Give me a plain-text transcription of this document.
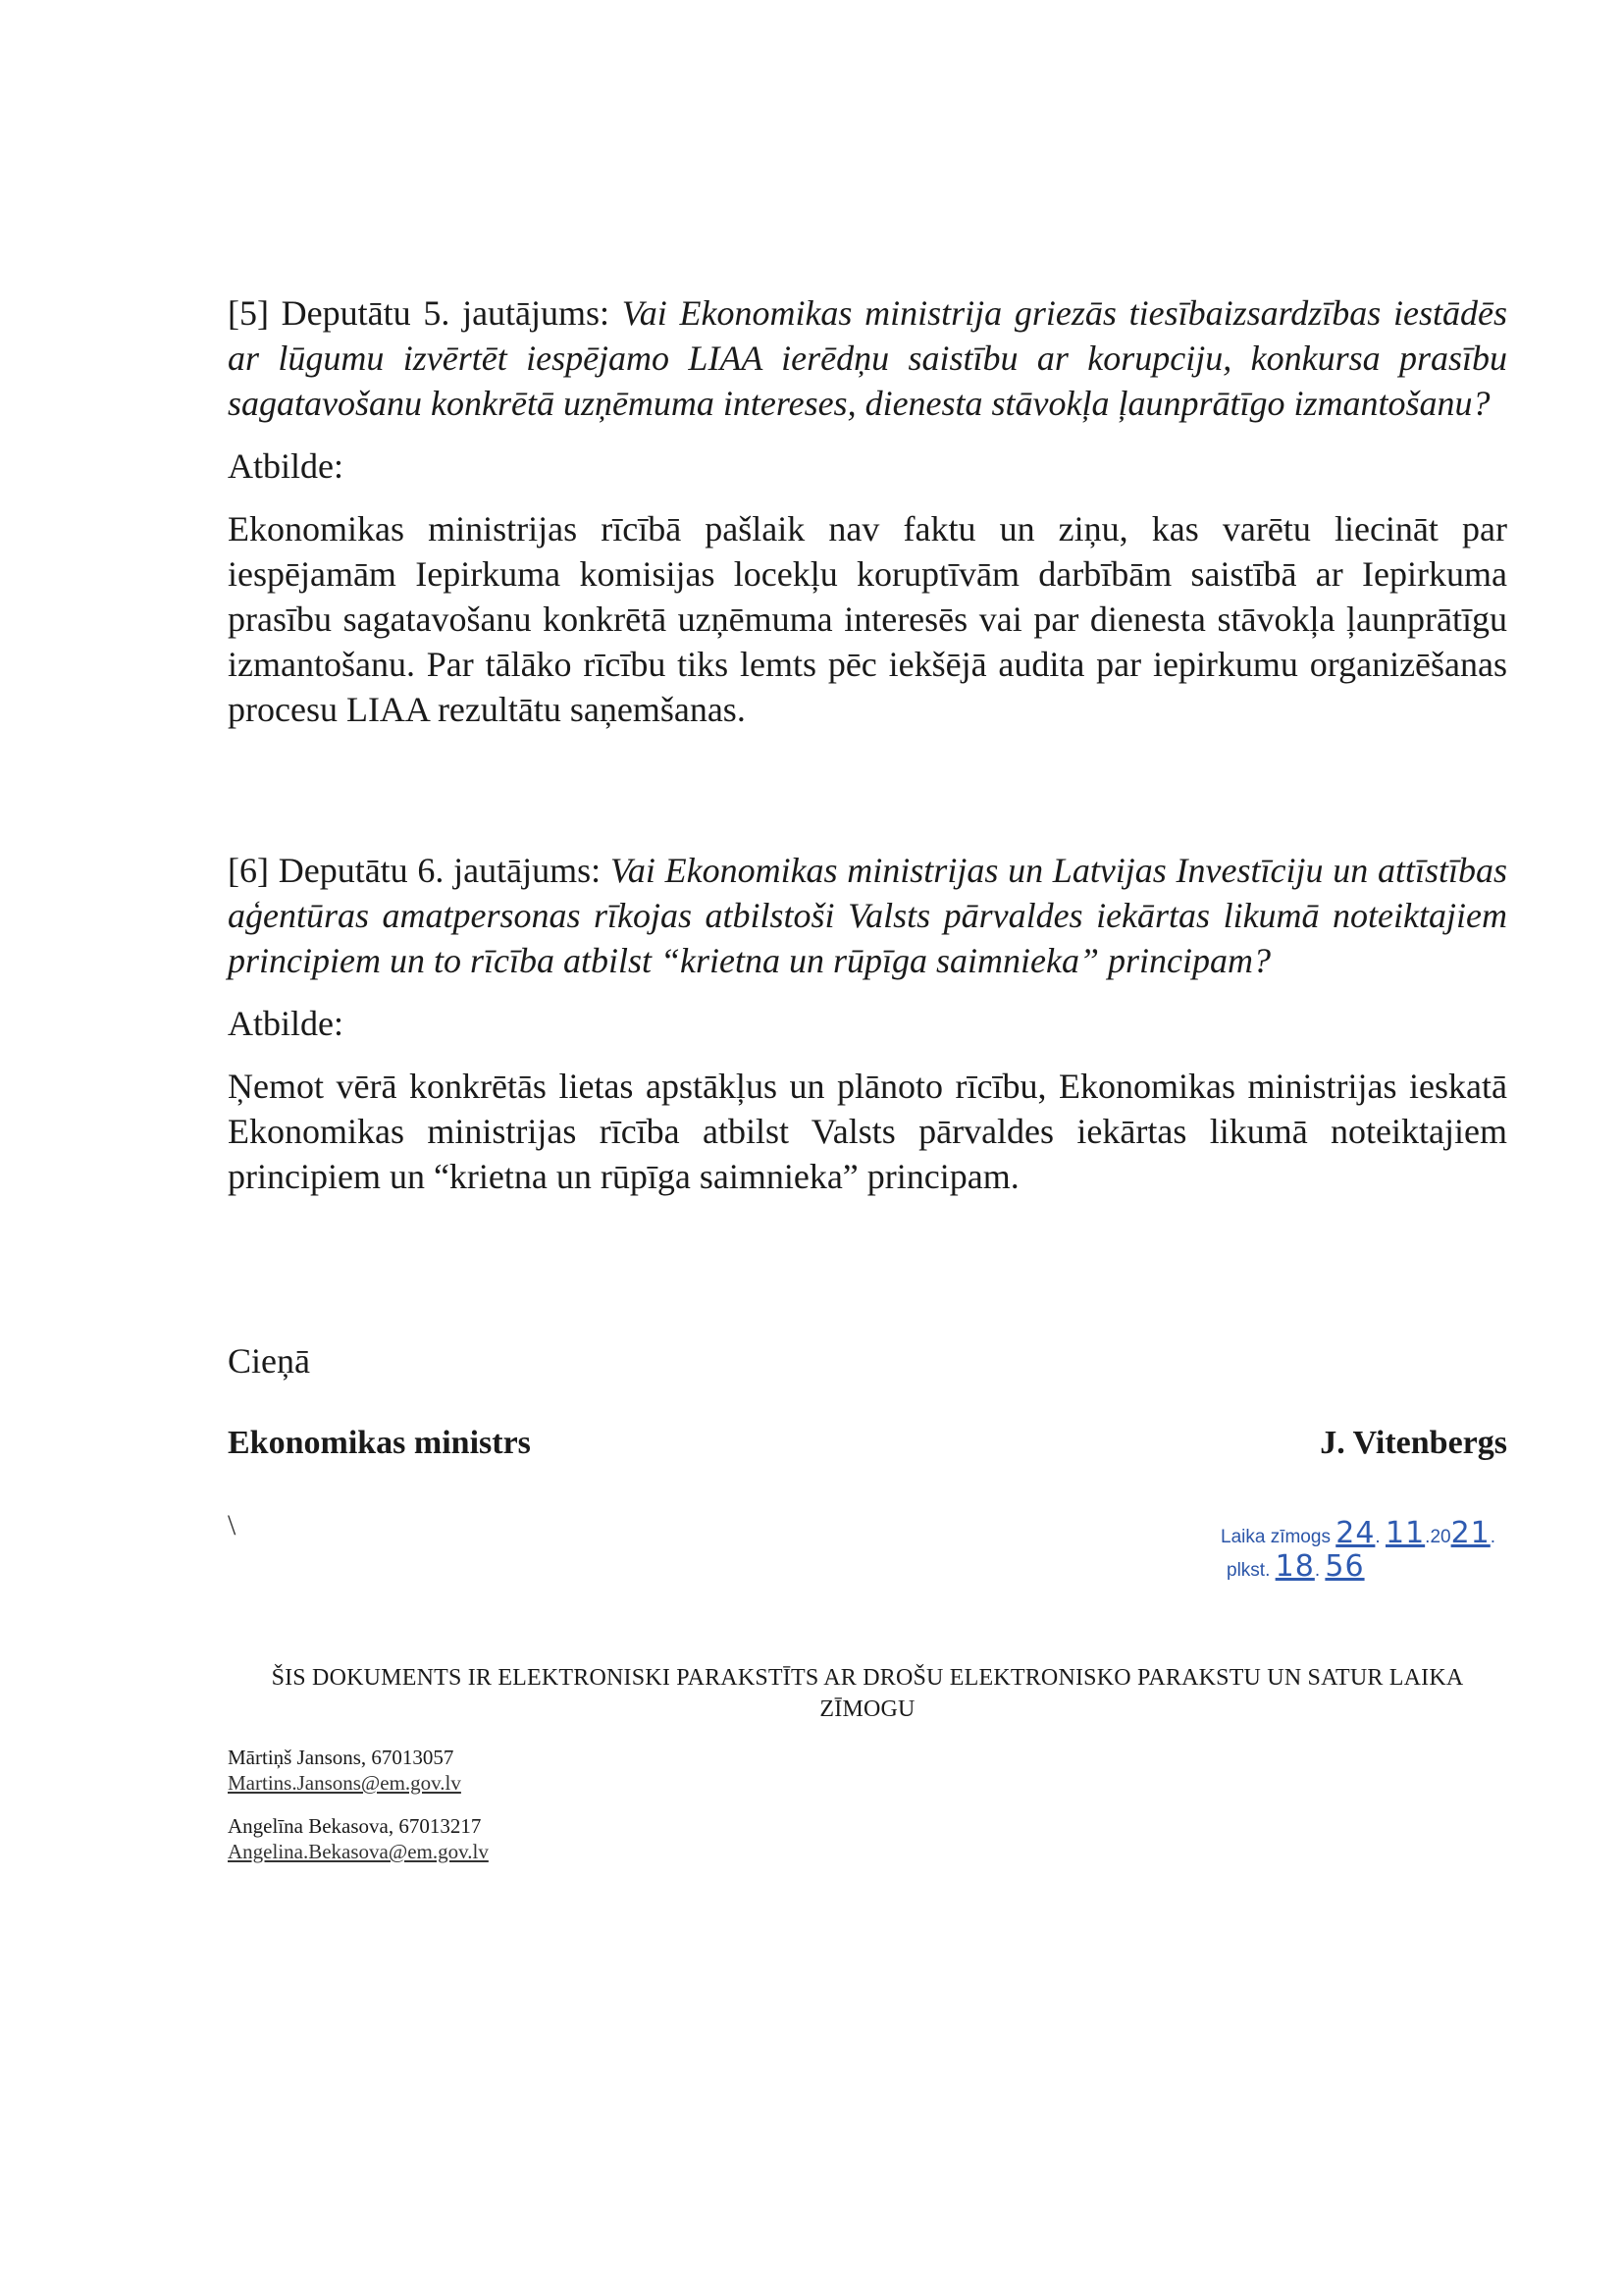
[5] Deputātu 5. jautājums: Vai Ekonomikas ministrija griezās tiesībaizsardzības iestādēs ar lūgumu izvērtēt iespējamo LIAA ierēdņu saistību ar korupciju, konkursa prasību sagatavošanu konkrētā uzņēmuma intereses, dienesta stāvokļa ļaunprātīgo izmantošanu?

Atbilde:

Ekonomikas ministrijas rīcībā pašlaik nav faktu un ziņu, kas varētu liecināt par iespējamām Iepirkuma komisijas locekļu koruptīvām darbībām saistībā ar Iepirkuma prasību sagatavošanu konkrētā uzņēmuma interesēs vai par dienesta stāvokļa ļaunprātīgu izmantošanu. Par tālāko rīcību tiks lemts pēc iekšējā audita par iepirkumu organizēšanas procesu LIAA rezultātu saņemšanas.

[6] Deputātu 6. jautājums: Vai Ekonomikas ministrijas un Latvijas Investīciju un attīstības aģentūras amatpersonas rīkojas atbilstoši Valsts pārvaldes iekārtas likumā noteiktajiem principiem un to rīcība atbilst “krietna un rūpīga saimnieka” principam?

Atbilde:

Ņemot vērā konkrētās lietas apstākļus un plānoto rīcību, Ekonomikas ministrijas ieskatā Ekonomikas ministrijas rīcība atbilst Valsts pārvaldes iekārtas likumā noteiktajiem principiem un “krietna un rūpīga saimnieka” principam.

Cieņā
Ekonomikas ministrs	J. Vitenbergs
\	Laika zīmogs 24. 11.2021.
plkst. 18. 56
ŠIS DOKUMENTS IR ELEKTRONISKI PARAKSTĪTS AR DROŠU ELEKTRONISKO PARAKSTU UN SATUR LAIKA ZĪMOGU
Mārtiņš Jansons, 67013057
Martins.Jansons@em.gov.lv
Angelīna Bekasova, 67013217
Angelina.Bekasova@em.gov.lv
